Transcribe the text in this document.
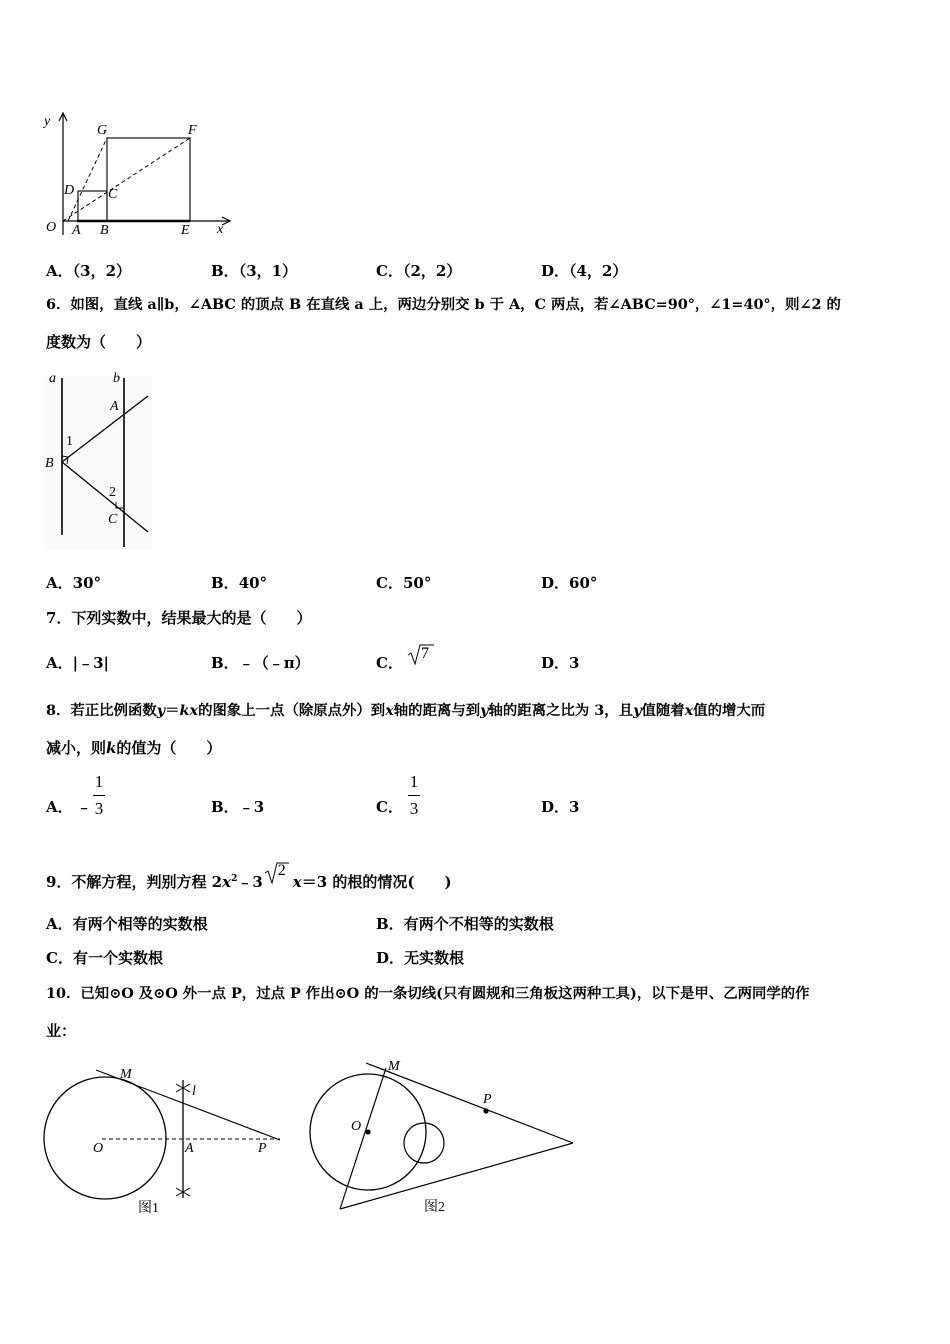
y
x
O A B	E
G	F
D C
A．（3，2）	B．（3，1）	C．（2，2）	D．（4，2）
6．如图，直线 a∥b，∠ABC 的顶点 B 在直线 a 上，两边分别交 b 于 A，C 两点，若∠ABC=90°，∠1=40°，则∠2 的
度数为（　　）
a	b
A
B
C
1
2
A．30°	B．40°	C．50°	D．60°
7．下列实数中，结果最大的是（　　）
A．|﹣3|	B．﹣（﹣π）	C．
7
D．3
8．若正比例函数y＝kx的图象上一点（除原点外）到x轴的距离与到y轴的距离之比为 3，且y值随着x值的增大而
减小，则k的值为（　　）
A． ﹣
1
3	B．﹣3	C．
1
3	D．3
9．不解方程，判别方程 $2x^2﹣3$
2
x＝3 的根的情况(　　)
A．有两个相等的实数根	B．有两个不相等的实数根
C．有一个实数根	D．无实数根
10．已知⊙O 及⊙O 外一点 P，过点 P 作出⊙O 的一条切线(只有圆规和三角板这两种工具)，以下是甲、乙两同学的作
业：
M
l
O	A	P
图1
M
O
P
图2
